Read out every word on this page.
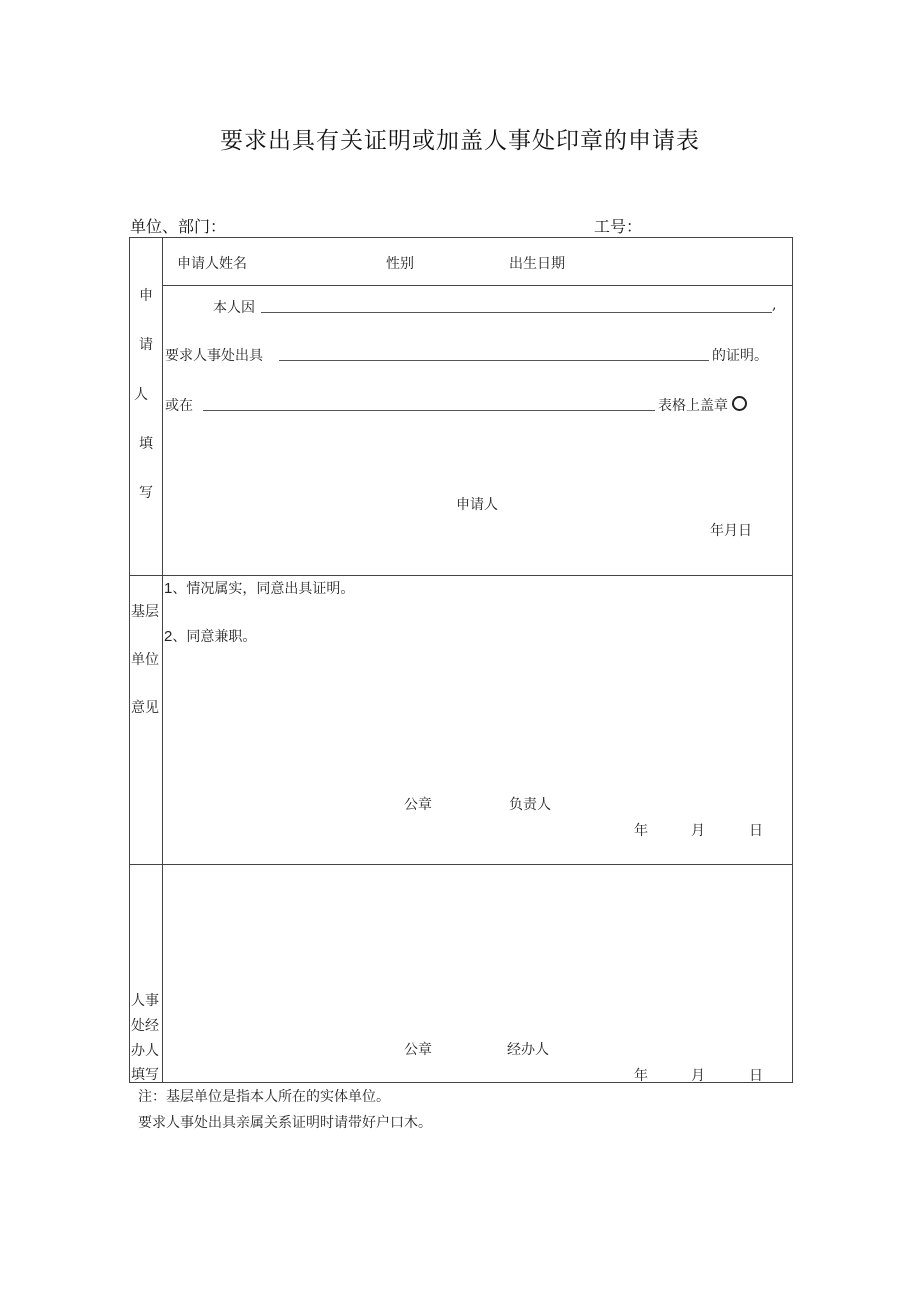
要求出具有关证明或加盖人事处印章的申请表
单位、部门：	工号：
申
请
人
填
写
申请人姓名	性别	出生日期
本人因	,
要求人事处出具	的证明。
或在	表格上盖章
申请人
年月日
基层
单位
意见
1、情况属实，同意出具证明。
2、同意兼职。
公章	负责人
年	月	日
人事
处经
办人
填写
公章	经办人
年	月	日
注：基层单位是指本人所在的实体单位。
要求人事处出具亲属关系证明时请带好户口木。
